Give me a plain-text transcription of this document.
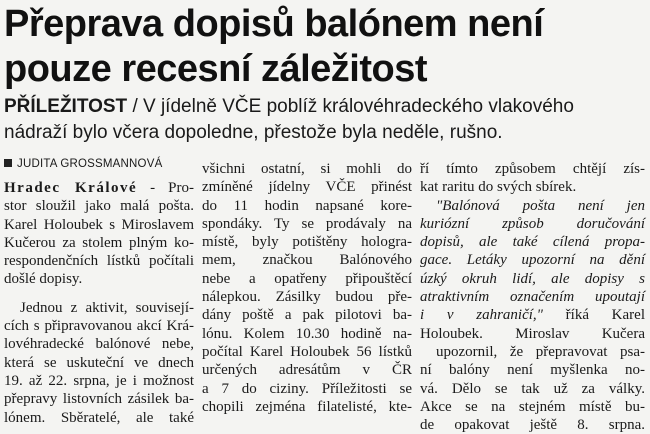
Přeprava dopisů balónem není
pouze recesní záležitost
PŘÍLEŽITOST / V jídelně VČE poblíž královéhradeckého vlakového
nádraží bylo včera dopoledne, přestože byla neděle, rušno.
JUDITA GROSSMANNOVÁ
Hradec Králové - Pro-
stor sloužil jako malá pošta.
Karel Holoubek s Miroslavem
Kučerou za stolem plným ko-
respondenčních lístků počítali
došlé dopisy.
Jednou z aktivit, souvisejí-
cích s připravovanou akcí Krá-
lovéhradecké balónové nebe,
která se uskuteční ve dnech
19. až 22. srpna, je i možnost
přepravy listovních zásilek ba-
lónem. Sběratelé, ale také
všichni ostatní, si mohli do
zmíněné jídelny VČE přinést
do 11 hodin napsané kore-
spondáky. Ty se prodávaly na
místě, byly potištěny hologra-
mem, značkou Balónového
nebe a opatřeny připouštěcí
nálepkou. Zásilky budou pře-
dány poště a pak pilotovi ba-
lónu. Kolem 10.30 hodině na-
počítal Karel Holoubek 56 lístků
určených adresátům v ČR
a 7 do ciziny. Příležitosti se
chopili zejména filatelisté, kte-
ří tímto způsobem chtějí zís-
kat raritu do svých sbírek.
"Balónová pošta není jen
kuriózní způsob doručování
dopisů, ale také cílená propa-
gace. Letáky upozorní na dění
úzký okruh lidí, ale dopisy s
atraktivním označením upoutají
i v zahraničí," říká Karel
Holoubek. Miroslav Kučera
upozornil, že přepravovat psa-
ní balóny není myšlenka no-
vá. Dělo se tak už za války.
Akce se na stejném místě bu-
de opakovat ještě 8. srpna.
